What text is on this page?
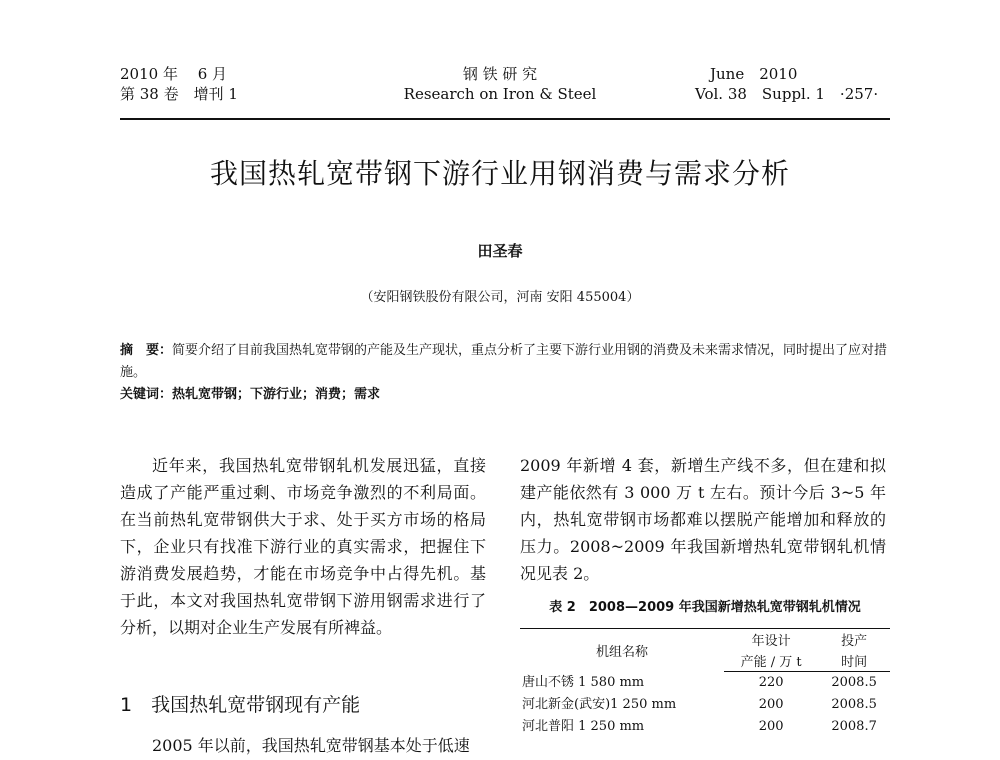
2010 年　 6 月
第 38 卷　增刊 1
钢 铁 研 究
Research on Iron & Steel
June　2010
Vol. 38　Suppl. 1　·257·
我国热轧宽带钢下游行业用钢消费与需求分析
田圣春
（安阳钢铁股份有限公司，河南 安阳 455004）
摘　要：简要介绍了目前我国热轧宽带钢的产能及生产现状，重点分析了主要下游行业用钢的消费及未来需求情况，同时提出了应对措施。
关键词：热轧宽带钢；下游行业；消费；需求

近年来，我国热轧宽带钢轧机发展迅猛，直接造成了产能严重过剩、市场竞争激烈的不利局面。在当前热轧宽带钢供大于求、处于买方市场的格局下，企业只有找准下游行业的真实需求，把握住下游消费发展趋势，才能在市场竞争中占得先机。基于此，本文对我国热轧宽带钢下游用钢需求进行了分析，以期对企业生产发展有所裨益。

1　我国热轧宽带钢现有产能

2005 年以前，我国热轧宽带钢基本处于低速

2009 年新增 4 套，新增生产线不多，但在建和拟建产能依然有 3 000 万 t 左右。预计今后 3~5 年内，热轧宽带钢市场都难以摆脱产能增加和释放的压力。2008~2009 年我国新增热轧宽带钢轧机情况见表 2。

表 2　2008—2009 年我国新增热轧宽带钢轧机情况
机组名称	年设计	投产
	产能 / 万 t	时间
唐山不锈 1 580 mm	220	2008.5
河北新金(武安)1 250 mm	200	2008.5
河北普阳 1 250 mm	200	2008.7
